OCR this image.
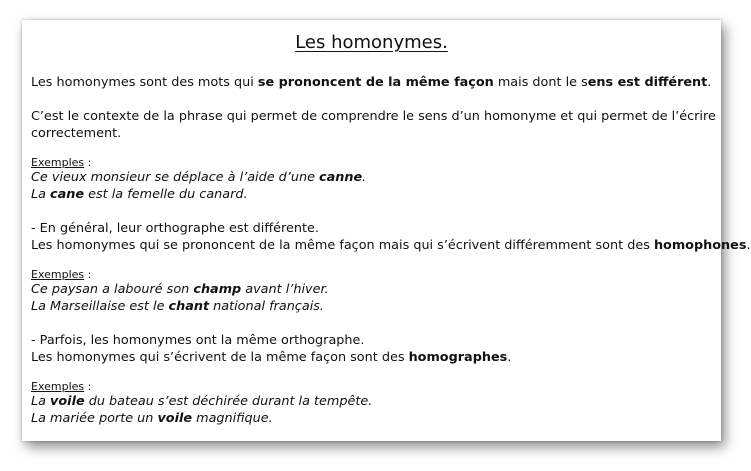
Les homonymes.
Les homonymes sont des mots qui se prononcent de la même façon mais dont le sens est différent.
C’est le contexte de la phrase qui permet de comprendre le sens d’un homonyme et qui permet de l’écrire
correctement.
Exemples :
Ce vieux monsieur se déplace à l’aide d’une canne.
La cane est la femelle du canard.
- En général, leur orthographe est différente.
Les homonymes qui se prononcent de la même façon mais qui s’écrivent différemment sont des homophones.
Exemples :
Ce paysan a labouré son champ avant l’hiver.
La Marseillaise est le chant national français.
- Parfois, les homonymes ont la même orthographe.
Les homonymes qui s’écrivent de la même façon sont des homographes.
Exemples :
La voile du bateau s’est déchirée durant la tempête.
La mariée porte un voile magnifique.
